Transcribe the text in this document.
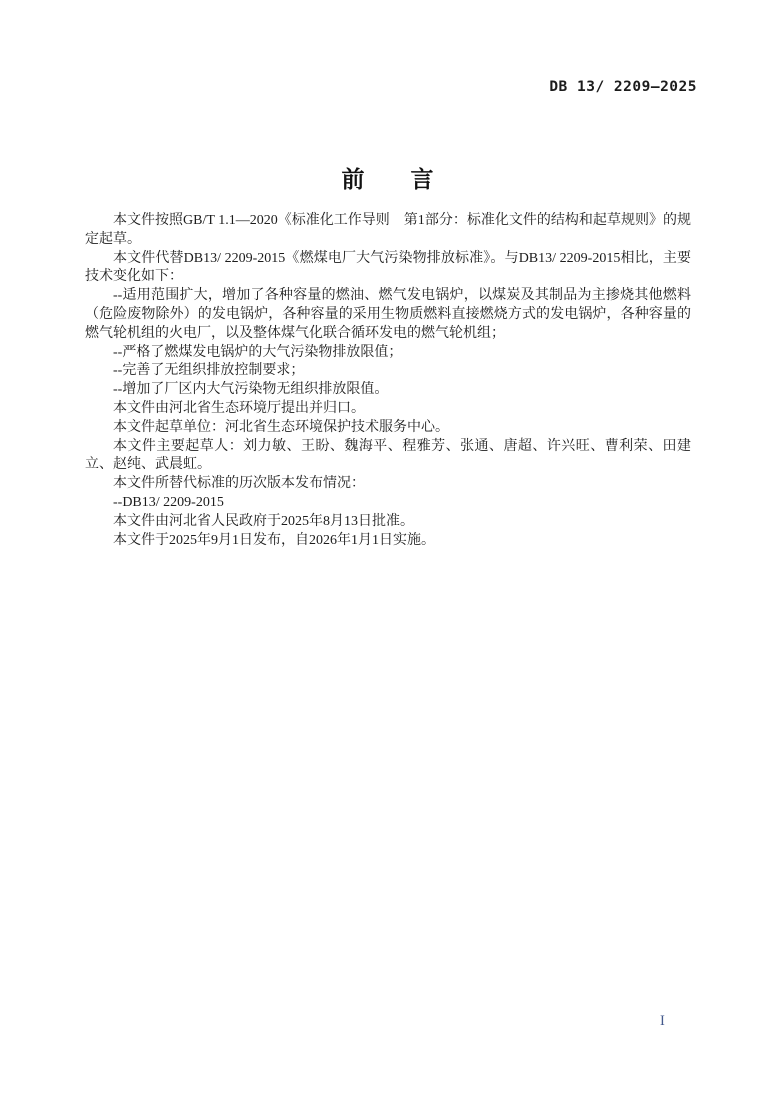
DB 13/ 2209—2025
前　　言

本文件按照GB/T 1.1—2020《标准化工作导则　第1部分：标准化文件的结构和起草规则》的规定起草。

本文件代替DB13/ 2209-2015《燃煤电厂大气污染物排放标准》。与DB13/ 2209-2015相比，主要技术变化如下：

--适用范围扩大，增加了各种容量的燃油、燃气发电锅炉，以煤炭及其制品为主掺烧其他燃料（危险废物除外）的发电锅炉，各种容量的采用生物质燃料直接燃烧方式的发电锅炉，各种容量的燃气轮机组的火电厂，以及整体煤气化联合循环发电的燃气轮机组；

--严格了燃煤发电锅炉的大气污染物排放限值；

--完善了无组织排放控制要求；

--增加了厂区内大气污染物无组织排放限值。

本文件由河北省生态环境厅提出并归口。

本文件起草单位：河北省生态环境保护技术服务中心。

本文件主要起草人：刘力敏、王盼、魏海平、程雅芳、张通、唐超、许兴旺、曹利荣、田建立、赵纯、武晨虹。

本文件所替代标准的历次版本发布情况：

--DB13/ 2209-2015

本文件由河北省人民政府于2025年8月13日批准。

本文件于2025年9月1日发布，自2026年1月1日实施。

I
